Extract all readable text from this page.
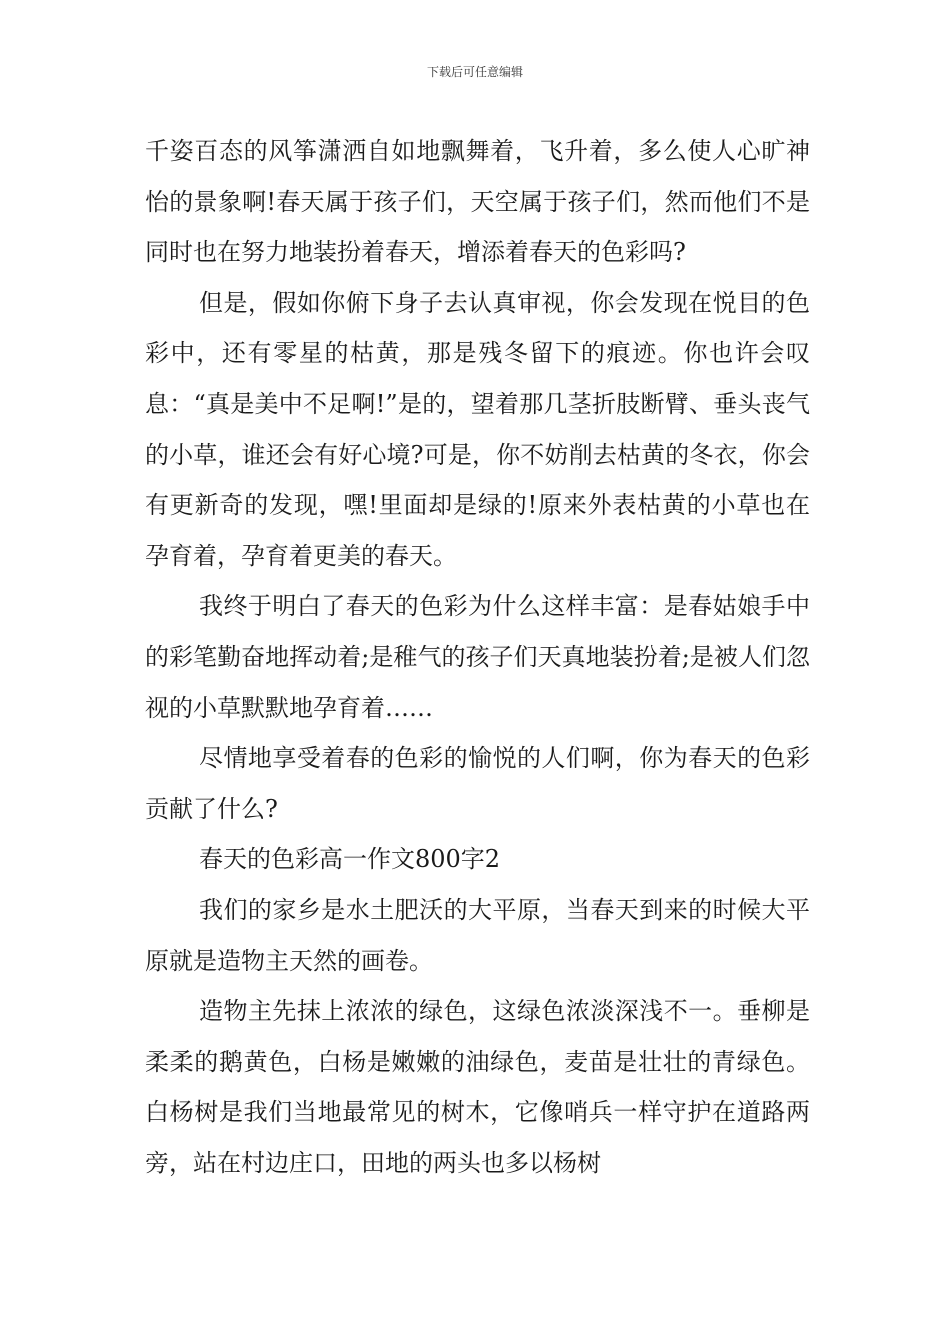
下载后可任意编辑

千姿百态的风筝潇洒自如地飘舞着，飞升着，多么使人心旷神怡的景象啊!春天属于孩子们，天空属于孩子们，然而他们不是同时也在努力地装扮着春天，增添着春天的色彩吗?

但是，假如你俯下身子去认真审视，你会发现在悦目的色彩中，还有零星的枯黄，那是残冬留下的痕迹。你也许会叹息：“真是美中不足啊!”是的，望着那几茎折肢断臂、垂头丧气的小草，谁还会有好心境?可是，你不妨削去枯黄的冬衣，你会有更新奇的发现，嘿!里面却是绿的!原来外表枯黄的小草也在孕育着，孕育着更美的春天。

我终于明白了春天的色彩为什么这样丰富：是春姑娘手中的彩笔勤奋地挥动着;是稚气的孩子们天真地装扮着;是被人们忽视的小草默默地孕育着……

尽情地享受着春的色彩的愉悦的人们啊，你为春天的色彩贡献了什么?

春天的色彩高一作文800字2

我们的家乡是水土肥沃的大平原，当春天到来的时候大平原就是造物主天然的画卷。

造物主先抹上浓浓的绿色，这绿色浓淡深浅不一。垂柳是柔柔的鹅黄色，白杨是嫩嫩的油绿色，麦苗是壮壮的青绿色。白杨树是我们当地最常见的树木，它像哨兵一样守护在道路两旁，站在村边庄口，田地的两头也多以杨树
